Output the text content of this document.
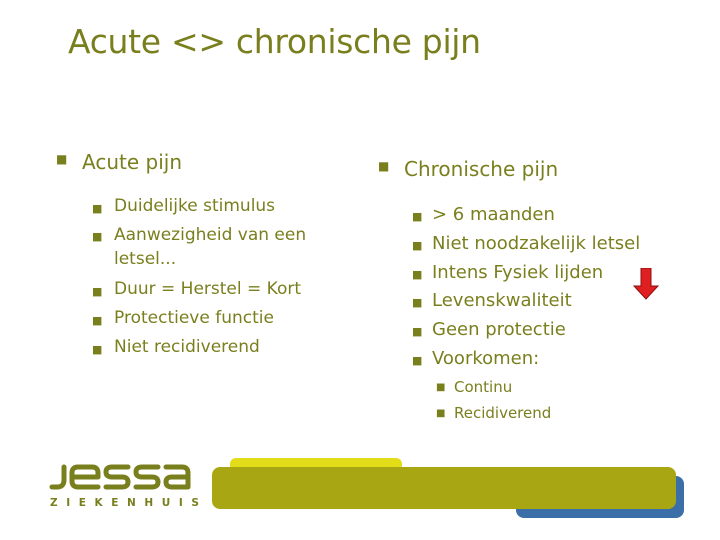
Acute <> chronische pijn
■ Acute pijn
■ Duidelijke stimulus
■ Aanwezigheid van een
letsel...
■ Duur = Herstel = Kort
■ Protectieve functie
■ Niet recidiverend
■ Chronische pijn
■ > 6 maanden
■ Niet noodzakelijk letsel
■ Intens Fysiek lijden
■ Levenskwaliteit
■ Geen protectie
■ Voorkomen:
■ Continu
■ Recidiverend
ZIEKENHUIS
